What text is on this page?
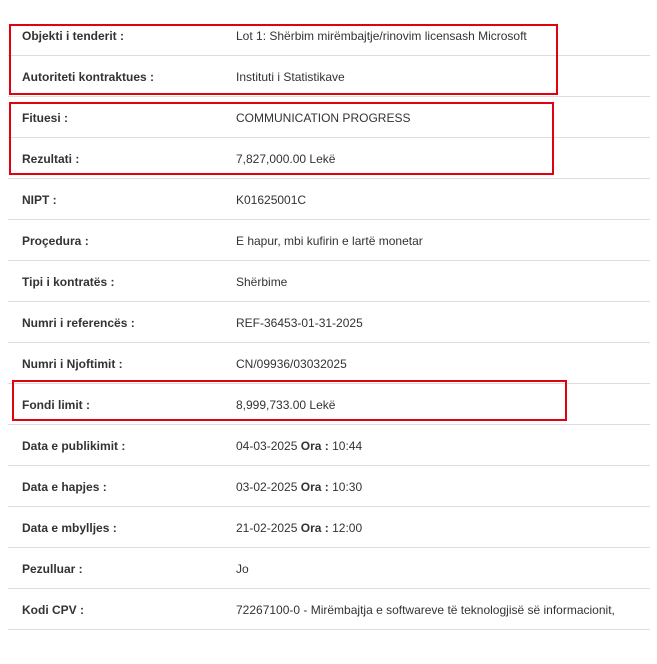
Objekti i tenderit :	Lot 1: Shërbim mirëmbajtje/rinovim licensash Microsoft
Autoriteti kontraktues :	Instituti i Statistikave
Fituesi :	COMMUNICATION PROGRESS
Rezultati :	7,827,000.00 Lekë
NIPT :	K01625001C
Proçedura :	E hapur, mbi kufirin e lartë monetar
Tipi i kontratës :	Shërbime
Numri i referencës :	REF-36453-01-31-2025
Numri i Njoftimit :	CN/09936/03032025
Fondi limit :	8,999,733.00 Lekë
Data e publikimit :	04-03-2025 Ora : 10:44
Data e hapjes :	03-02-2025 Ora : 10:30
Data e mbylljes :	21-02-2025 Ora : 12:00
Pezulluar :	Jo
Kodi CPV :	72267100-0 - Mirëmbajtja e softwareve të teknologjisë së informacionit,
